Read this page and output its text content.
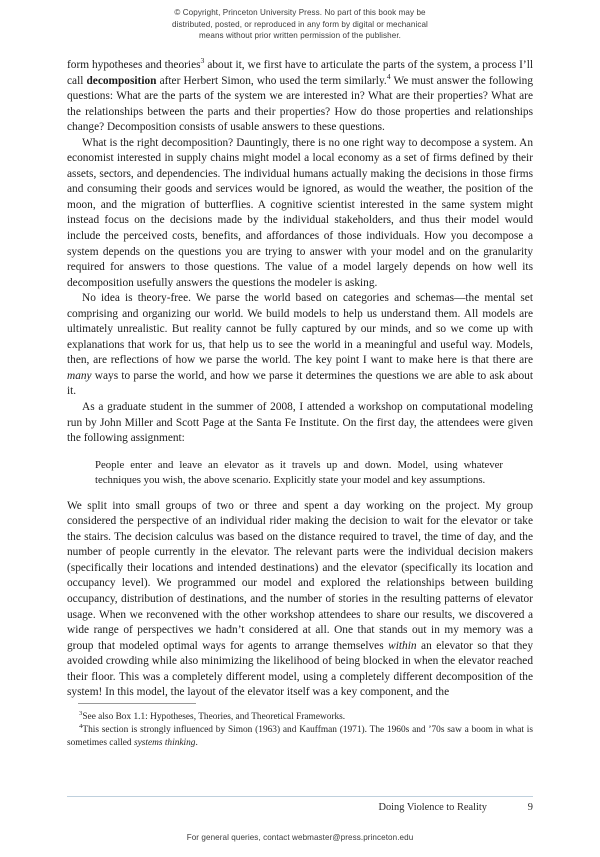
© Copyright, Princeton University Press. No part of this book may be
distributed, posted, or reproduced in any form by digital or mechanical
means without prior written permission of the publisher.

form hypotheses and theories$^3$ about it, we first have to articulate the parts of the system, a process I’ll call decomposition after Herbert Simon, who used the term similarly.$^4$ We must answer the following questions: What are the parts of the system we are interested in? What are their properties? What are the relationships between the parts and their properties? How do those properties and relationships change? Decomposition consists of usable answers to these questions.

What is the right decomposition? Dauntingly, there is no one right way to decompose a system. An economist interested in supply chains might model a local economy as a set of firms defined by their assets, sectors, and dependencies. The individual humans actually making the decisions in those firms and consuming their goods and services would be ignored, as would the weather, the position of the moon, and the migration of butterflies. A cognitive scientist interested in the same system might instead focus on the decisions made by the individual stakeholders, and thus their model would include the perceived costs, benefits, and affordances of those individuals. How you decompose a system depends on the questions you are trying to answer with your model and on the granularity required for answers to those questions. The value of a model largely depends on how well its decomposition usefully answers the questions the modeler is asking.

No idea is theory-free. We parse the world based on categories and schemas—the mental set comprising and organizing our world. We build models to help us understand them. All models are ultimately unrealistic. But reality cannot be fully captured by our minds, and so we come up with explanations that work for us, that help us to see the world in a meaningful and useful way. Models, then, are reflections of how we parse the world. The key point I want to make here is that there are many ways to parse the world, and how we parse it determines the questions we are able to ask about it.

As a graduate student in the summer of 2008, I attended a workshop on computational modeling run by John Miller and Scott Page at the Santa Fe Institute. On the first day, the attendees were given the following assignment:

People enter and leave an elevator as it travels up and down. Model, using whatever techniques you wish, the above scenario. Explicitly state your model and key assumptions.

We split into small groups of two or three and spent a day working on the project. My group considered the perspective of an individual rider making the decision to wait for the elevator or take the stairs. The decision calculus was based on the distance required to travel, the time of day, and the number of people currently in the elevator. The relevant parts were the individual decision makers (specifically their locations and intended destinations) and the elevator (specifically its location and occupancy level). We programmed our model and explored the relationships between building occupancy, distribution of destinations, and the number of stories in the resulting patterns of elevator usage. When we reconvened with the other workshop attendees to share our results, we discovered a wide range of perspectives we hadn’t considered at all. One that stands out in my memory was a group that modeled optimal ways for agents to arrange themselves within an elevator so that they avoided crowding while also minimizing the likelihood of being blocked in when the elevator reached their floor. This was a completely different model, using a completely different decomposition of the system! In this model, the layout of the elevator itself was a key component, and the

$^3$See also Box 1.1: Hypotheses, Theories, and Theoretical Frameworks.

$^4$This section is strongly influenced by Simon (1963) and Kauffman (1971). The 1960s and ’70s saw a boom in what is sometimes called systems thinking.

Doing Violence to Reality	9
For general queries, contact webmaster@press.princeton.edu
